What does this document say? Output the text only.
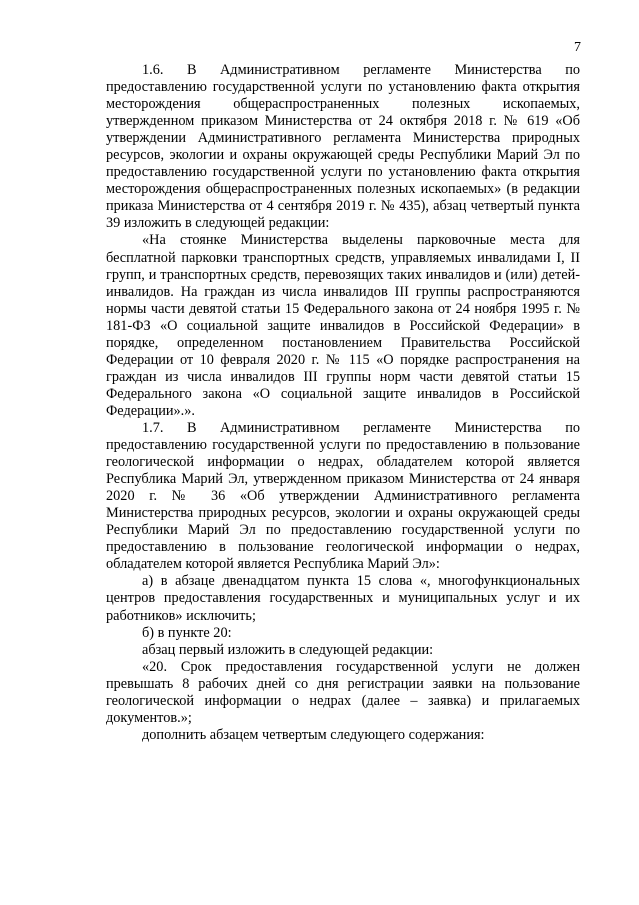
7

1.6. В Административном регламенте Министерства по предоставлению государственной услуги по установлению факта открытия месторождения общераспространенных полезных ископаемых, утвержденном приказом Министерства от 24 октября 2018 г. № 619 «Об утверждении Административного регламента Министерства природных ресурсов, экологии и охраны окружающей среды Республики Марий Эл по предоставлению государственной услуги по установлению факта открытия месторождения общераспространенных полезных ископаемых» (в редакции приказа Министерства от 4 сентября 2019 г. № 435), абзац четвертый пункта 39 изложить в следующей редакции:

«На стоянке Министерства выделены парковочные места для бесплатной парковки транспортных средств, управляемых инвалидами I, II групп, и транспортных средств, перевозящих таких инвалидов и (или) детей-инвалидов. На граждан из числа инвалидов III группы распространяются нормы части девятой статьи 15 Федерального закона от 24 ноября 1995 г. № 181-ФЗ «О социальной защите инвалидов в Российской Федерации» в порядке, определенном постановлением Правительства Российской Федерации от 10 февраля 2020 г. № 115 «О порядке распространения на граждан из числа инвалидов III группы норм части девятой статьи 15 Федерального закона «О социальной защите инвалидов в Российской Федерации».».

1.7. В Административном регламенте Министерства по предоставлению государственной услуги по предоставлению в пользование геологической информации о недрах, обладателем которой является Республика Марий Эл, утвержденном приказом Министерства от 24 января 2020 г. № 36 «Об утверждении Административного регламента Министерства природных ресурсов, экологии и охраны окружающей среды Республики Марий Эл по предоставлению государственной услуги по предоставлению в пользование геологической информации о недрах, обладателем которой является Республика Марий Эл»:

а) в абзаце двенадцатом пункта 15 слова «, многофункциональных центров предоставления государственных и муниципальных услуг и их работников» исключить;

б) в пункте 20:

абзац первый изложить в следующей редакции:

«20. Срок предоставления государственной услуги не должен превышать 8 рабочих дней со дня регистрации заявки на пользование геологической информации о недрах (далее – заявка) и прилагаемых документов.»;

дополнить абзацем четвертым следующего содержания:
